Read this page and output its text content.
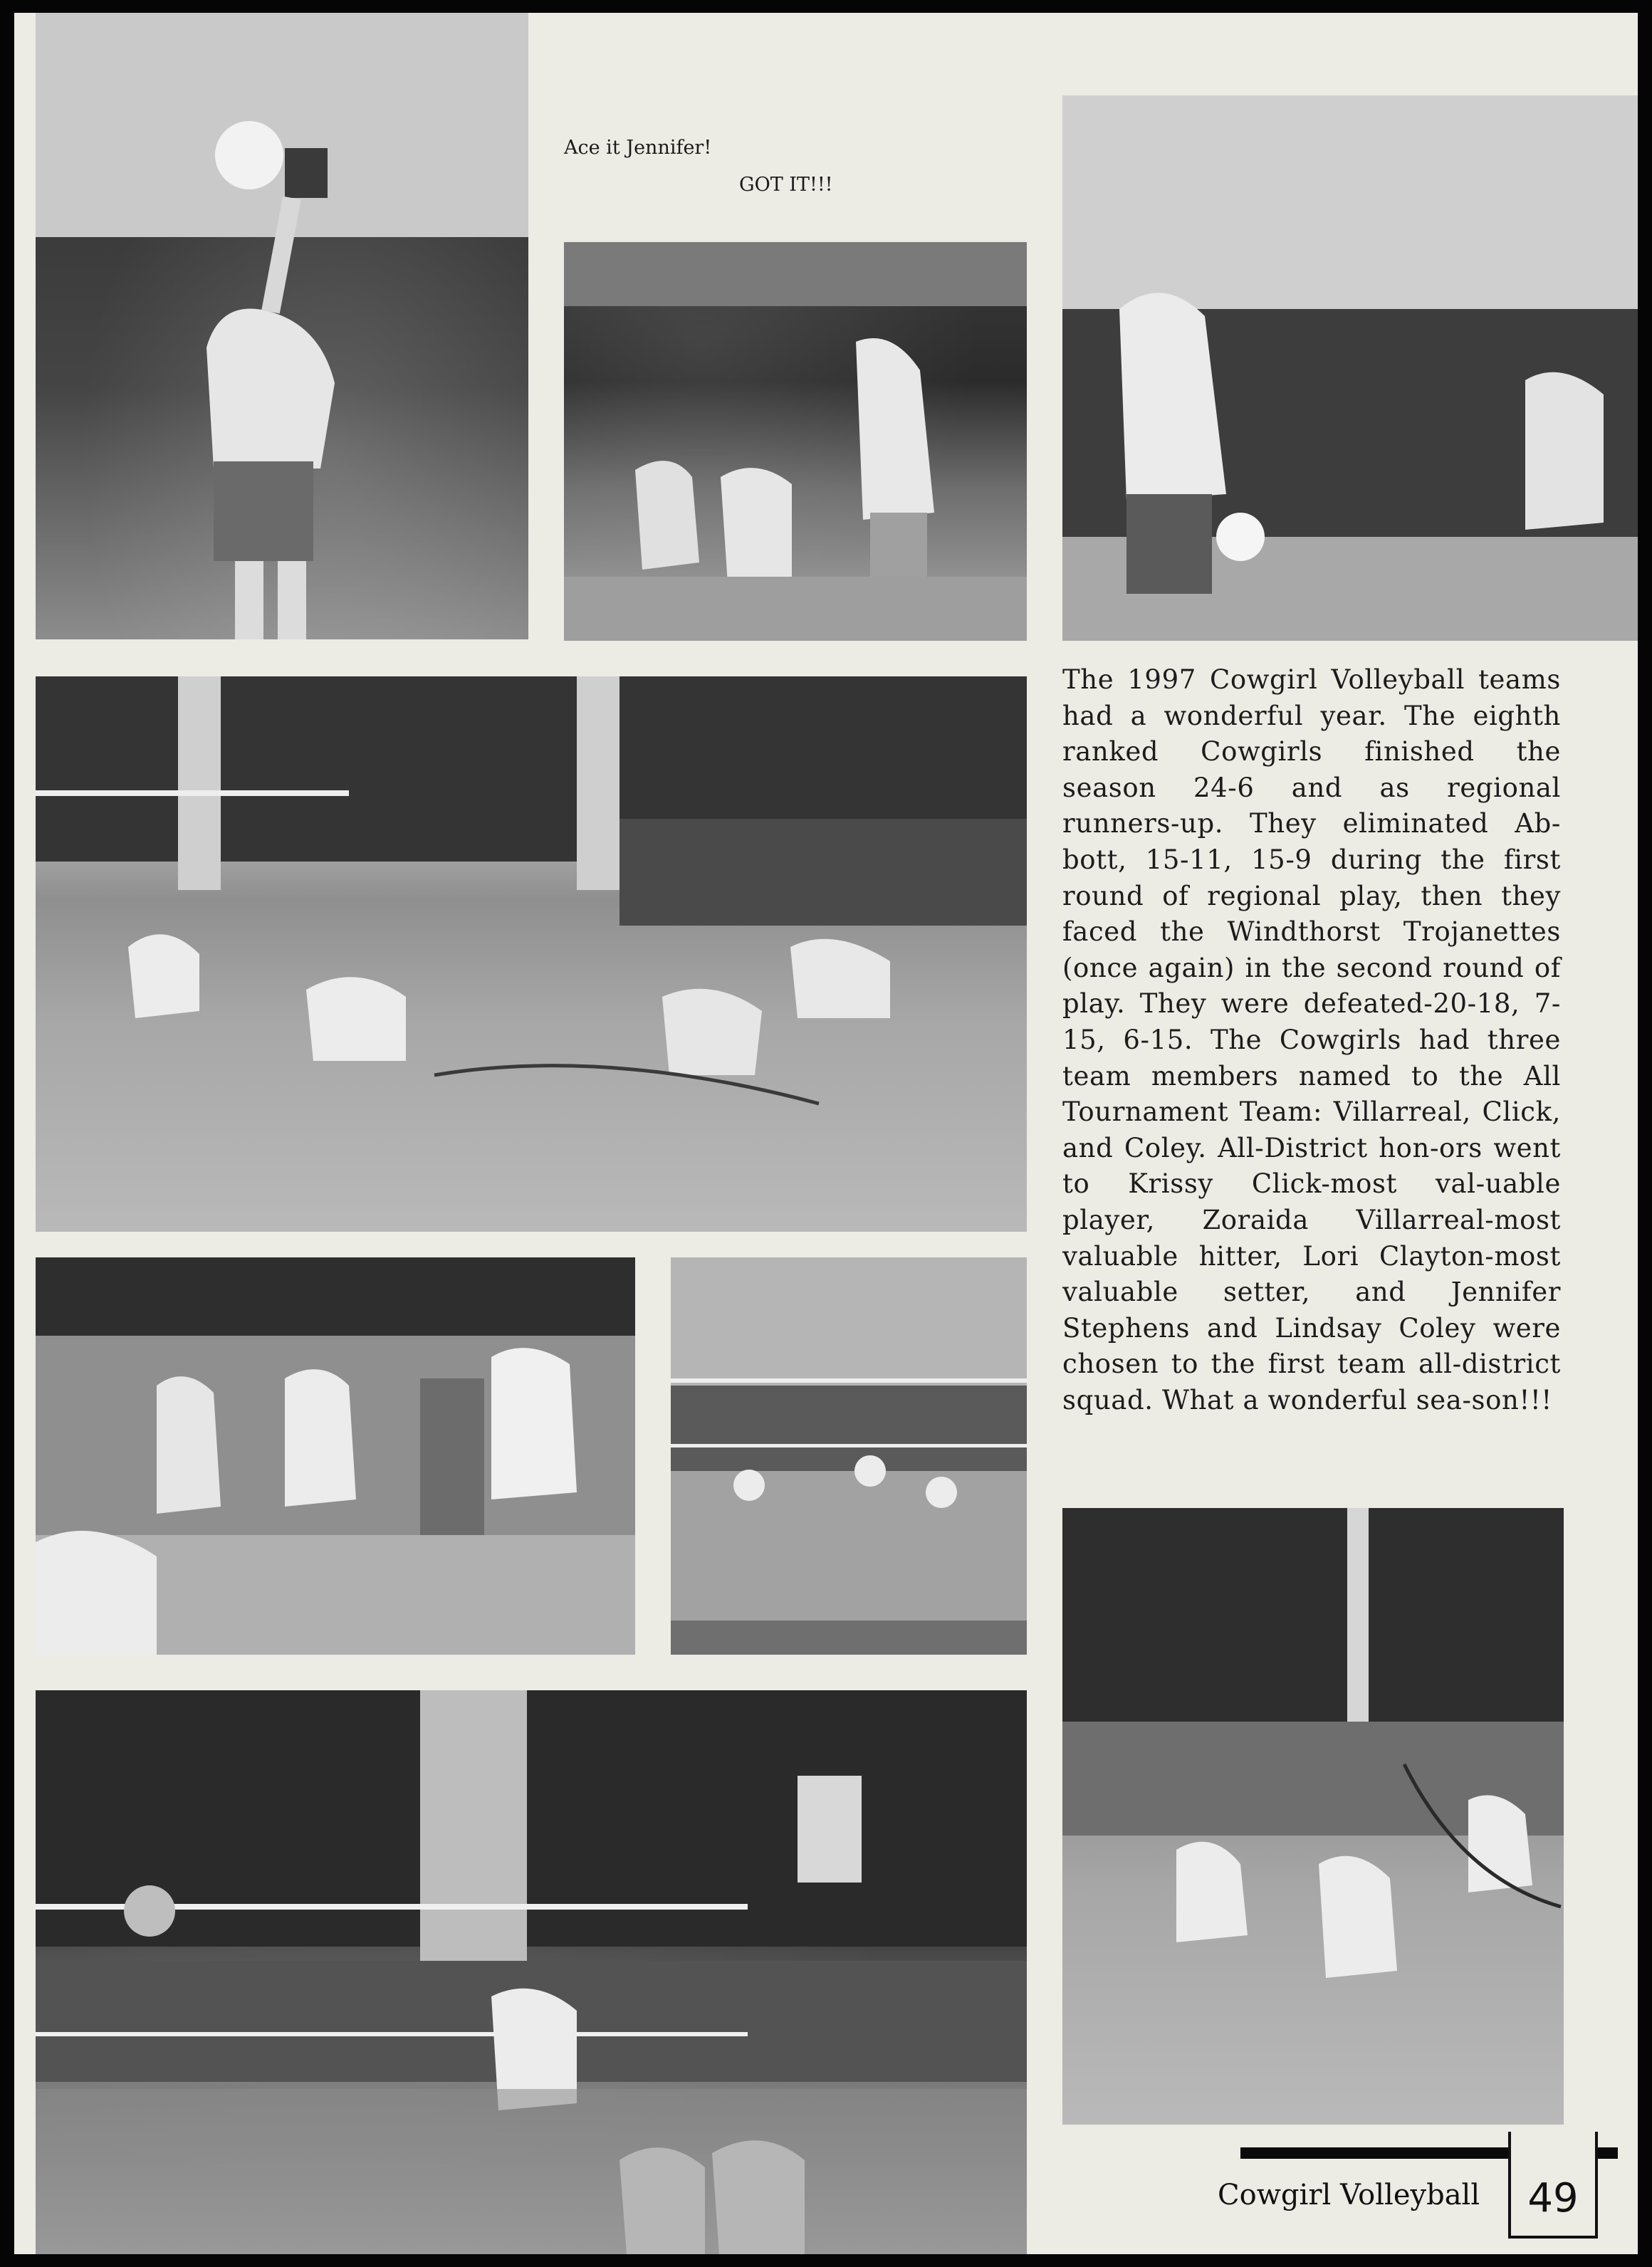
Ace it Jennifer!
GOT IT!!!

The 1997 Cowgirl Volleyball teams had a wonderful year. The eighth ranked Cowgirls finished the season 24-6 and as regional runners-up. They eliminated Ab-bott, 15-11, 15-9 during the first round of regional play, then they faced the Windthorst Trojanettes (once again) in the second round of play. They were defeated-20-18, 7-15, 6-15. The Cowgirls had three team members named to the All Tournament Team: Villarreal, Click, and Coley. All-District hon-ors went to Krissy Click-most val-uable player, Zoraida Villarreal-most valuable hitter, Lori Clayton-most valuable setter, and Jennifer Stephens and Lindsay Coley were chosen to the first team all-district squad. What a wonderful sea-son!!!

Cowgirl Volleyball 49
